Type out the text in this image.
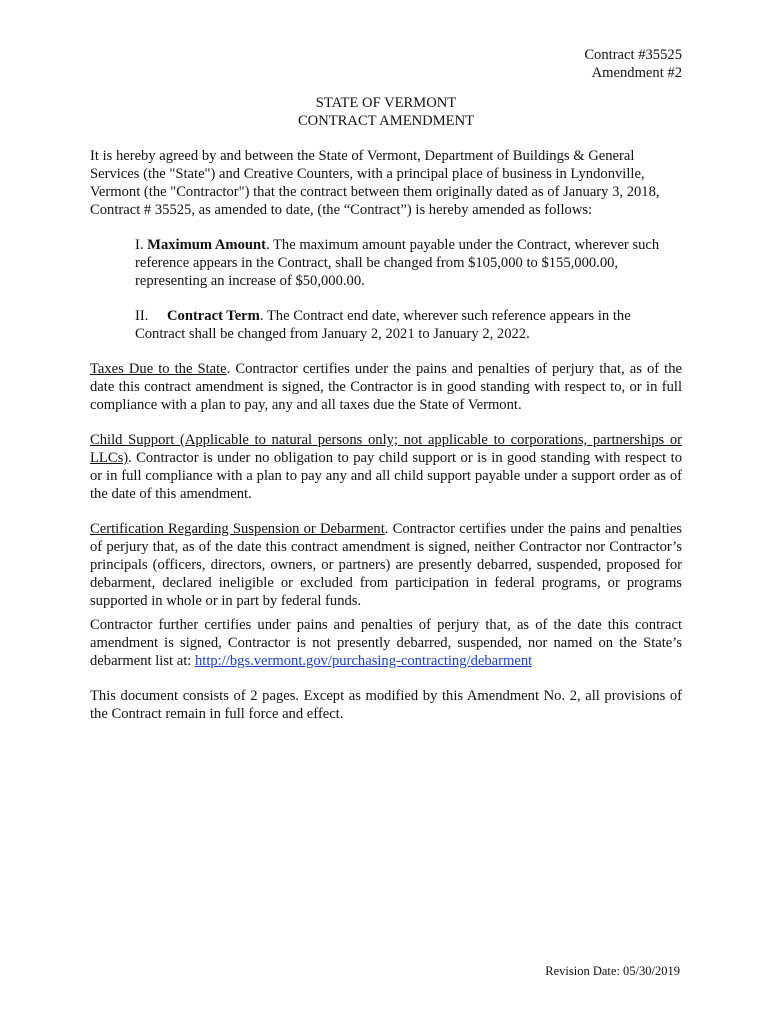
Contract #35525
Amendment #2
STATE OF VERMONT
CONTRACT AMENDMENT

It is hereby agreed by and between the State of Vermont, Department of Buildings & General Services (the "State") and Creative Counters, with a principal place of business in Lyndonville, Vermont (the "Contractor") that the contract between them originally dated as of January 3, 2018, Contract # 35525, as amended to date, (the “Contract”) is hereby amended as follows:

I. Maximum Amount. The maximum amount payable under the Contract, wherever such reference appears in the Contract, shall be changed from $105,000 to $155,000.00, representing an increase of $50,000.00.

II. Contract Term. The Contract end date, wherever such reference appears in the Contract shall be changed from January 2, 2021 to January 2, 2022.

Taxes Due to the State. Contractor certifies under the pains and penalties of perjury that, as of the date this contract amendment is signed, the Contractor is in good standing with respect to, or in full compliance with a plan to pay, any and all taxes due the State of Vermont.

Child Support (Applicable to natural persons only; not applicable to corporations, partnerships or LLCs). Contractor is under no obligation to pay child support or is in good standing with respect to or in full compliance with a plan to pay any and all child support payable under a support order as of the date of this amendment.

Certification Regarding Suspension or Debarment. Contractor certifies under the pains and penalties of perjury that, as of the date this contract amendment is signed, neither Contractor nor Contractor’s principals (officers, directors, owners, or partners) are presently debarred, suspended, proposed for debarment, declared ineligible or excluded from participation in federal programs, or programs supported in whole or in part by federal funds.

Contractor further certifies under pains and penalties of perjury that, as of the date this contract amendment is signed, Contractor is not presently debarred, suspended, nor named on the State’s debarment list at: http://bgs.vermont.gov/purchasing-contracting/debarment

This document consists of 2 pages. Except as modified by this Amendment No. 2, all provisions of the Contract remain in full force and effect.

Revision Date: 05/30/2019
